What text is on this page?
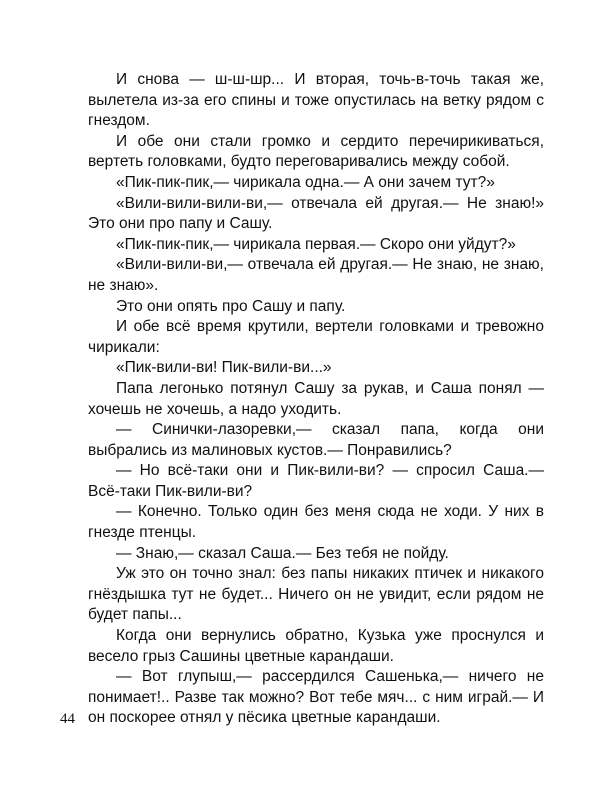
И снова — ш-ш-шр... И вторая, точь-в-точь такая же, вылетела из-за его спины и тоже опустилась на ветку рядом с гнездом.

И обе они стали громко и сердито перечирикиваться, вертеть головками, будто переговаривались между собой.

«Пик-пик-пик,— чирикала одна.— А они зачем тут?»

«Вили-вили-вили-ви,— отвечала ей другая.— Не знаю!» Это они про папу и Сашу.

«Пик-пик-пик,— чирикала первая.— Скоро они уйдут?»

«Вили-вили-ви,— отвечала ей другая.— Не знаю, не знаю, не знаю».

Это они опять про Сашу и папу.

И обе всё время крутили, вертели головками и тревожно чирикали:

«Пик-вили-ви! Пик-вили-ви...»

Папа легонько потянул Сашу за рукав, и Саша понял — хочешь не хочешь, а надо уходить.

— Синички-лазоревки,— сказал папа, когда они выбрались из малиновых кустов.— Понравились?

— Но всё-таки они и Пик-вили-ви? — спросил Саша.— Всё-таки Пик-вили-ви?

— Конечно. Только один без меня сюда не ходи. У них в гнезде птенцы.

— Знаю,— сказал Саша.— Без тебя не пойду.

Уж это он точно знал: без папы никаких птичек и никакого гнёздышка тут не будет... Ничего он не увидит, если рядом не будет папы...

Когда они вернулись обратно, Кузька уже проснулся и весело грыз Сашины цветные карандаши.

— Вот глупыш,— рассердился Сашенька,— ничего не понимает!.. Разве так можно? Вот тебе мяч... с ним играй.— И он поскорее отнял у пёсика цветные карандаши.

44
